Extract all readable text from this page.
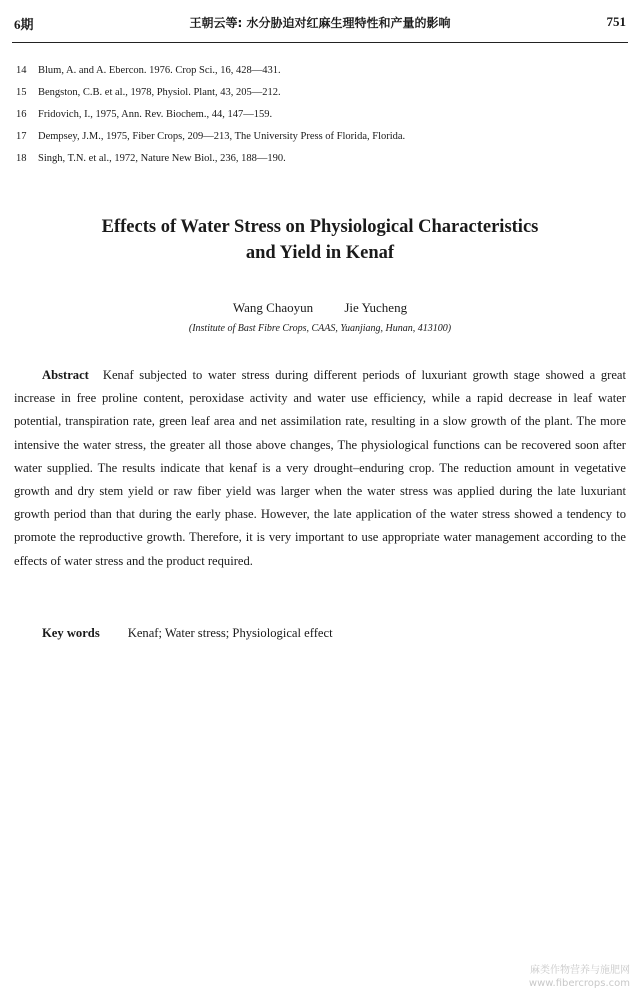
6期	王朝云等: 水分胁迫对红麻生理特性和产量的影响	751
14 Blum, A. and A. Ebercon. 1976. Crop Sci., 16, 428—431.
15 Bengston, C.B. et al., 1978, Physiol. Plant, 43, 205—212.
16 Fridovich, I., 1975, Ann. Rev. Biochem., 44, 147—159.
17 Dempsey, J.M., 1975, Fiber Crops, 209—213, The University Press of Florida, Florida.
18 Singh, T.N. et al., 1972, Nature New Biol., 236, 188—190.
Effects of Water Stress on Physiological Characteristics
and Yield in Kenaf
Wang Chaoyun Jie Yucheng
(Institute of Bast Fibre Crops, CAAS, Yuanjiang, Hunan, 413100)
Abstract Kenaf subjected to water stress during different periods of luxuriant growth stage showed a great increase in free proline content, peroxidase activity and water use efficiency, while a rapid decrease in leaf water potential, transpiration rate, green leaf area and net assimilation rate, resulting in a slow growth of the plant. The more intensive the water stress, the greater all those above changes, The physiological functions can be recovered soon after water supplied. The results indicate that kenaf is a very drought–enduring crop. The reduction amount in vegetative growth and dry stem yield or raw fiber yield was larger when the water stress was applied during the late luxuriant growth period than that during the early phase. However, the late application of the water stress showed a tendency to promote the reproductive growth. Therefore, it is very important to use appropriate water management according to the effects of water stress and the product required.
Key words Kenaf; Water stress; Physiological effect
麻类作物营养与施肥网
www.fibercrops.com
